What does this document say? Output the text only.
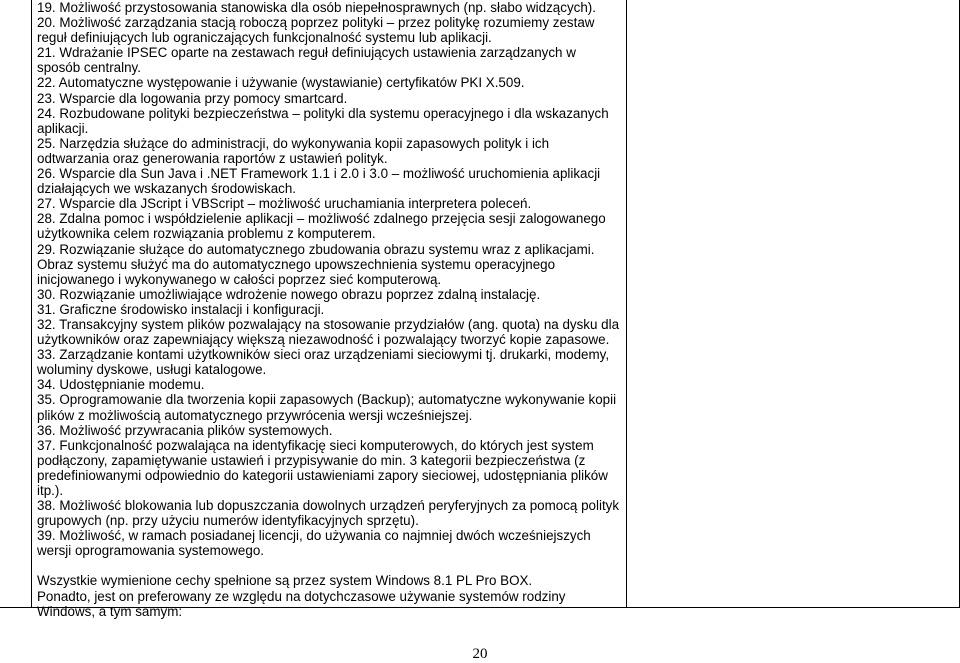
19. Możliwość przystosowania stanowiska dla osób niepełnosprawnych (np. słabo widzących).

20. Możliwość zarządzania stacją roboczą poprzez polityki – przez politykę rozumiemy zestaw reguł definiujących lub ograniczających funkcjonalność systemu lub aplikacji.

21. Wdrażanie IPSEC oparte na zestawach reguł definiujących ustawienia zarządzanych w sposób centralny.

22. Automatyczne występowanie i używanie (wystawianie) certyfikatów PKI X.509.

23. Wsparcie dla logowania przy pomocy smartcard.

24. Rozbudowane polityki bezpieczeństwa – polityki dla systemu operacyjnego i dla wskazanych aplikacji.

25. Narzędzia służące do administracji, do wykonywania kopii zapasowych polityk i ich odtwarzania oraz generowania raportów z ustawień polityk.

26. Wsparcie dla Sun Java i .NET Framework 1.1 i 2.0 i 3.0 – możliwość uruchomienia aplikacji działających we wskazanych środowiskach.

27. Wsparcie dla JScript i VBScript – możliwość uruchamiania interpretera poleceń.

28. Zdalna pomoc i współdzielenie aplikacji – możliwość zdalnego przejęcia sesji zalogowanego użytkownika celem rozwiązania problemu z komputerem.

29. Rozwiązanie służące do automatycznego zbudowania obrazu systemu wraz z aplikacjami. Obraz systemu służyć ma do automatycznego upowszechnienia systemu operacyjnego inicjowanego i wykonywanego w całości poprzez sieć komputerową.

30. Rozwiązanie umożliwiające wdrożenie nowego obrazu poprzez zdalną instalację.

31. Graficzne środowisko instalacji i konfiguracji.

32. Transakcyjny system plików pozwalający na stosowanie przydziałów (ang. quota) na dysku dla użytkowników oraz zapewniający większą niezawodność i pozwalający tworzyć kopie zapasowe.

33. Zarządzanie kontami użytkowników sieci oraz urządzeniami sieciowymi tj. drukarki, modemy, woluminy dyskowe, usługi katalogowe.

34. Udostępnianie modemu.

35. Oprogramowanie dla tworzenia kopii zapasowych (Backup); automatyczne wykonywanie kopii plików z możliwością automatycznego przywrócenia wersji wcześniejszej.

36. Możliwość przywracania plików systemowych.

37. Funkcjonalność pozwalająca na identyfikację sieci komputerowych, do których jest system podłączony, zapamiętywanie ustawień i przypisywanie do min. 3 kategorii bezpieczeństwa (z predefiniowanymi odpowiednio do kategorii ustawieniami zapory sieciowej, udostępniania plików itp.).

38. Możliwość blokowania lub dopuszczania dowolnych urządzeń peryferyjnych za pomocą polityk grupowych (np. przy użyciu numerów identyfikacyjnych sprzętu).

39. Możliwość, w ramach posiadanej licencji, do używania co najmniej dwóch wcześniejszych wersji oprogramowania systemowego.

Wszystkie wymienione cechy spełnione są przez system Windows 8.1 PL Pro BOX.

Ponadto, jest on preferowany ze względu na dotychczasowe używanie systemów rodziny Windows, a tym samym:

20
